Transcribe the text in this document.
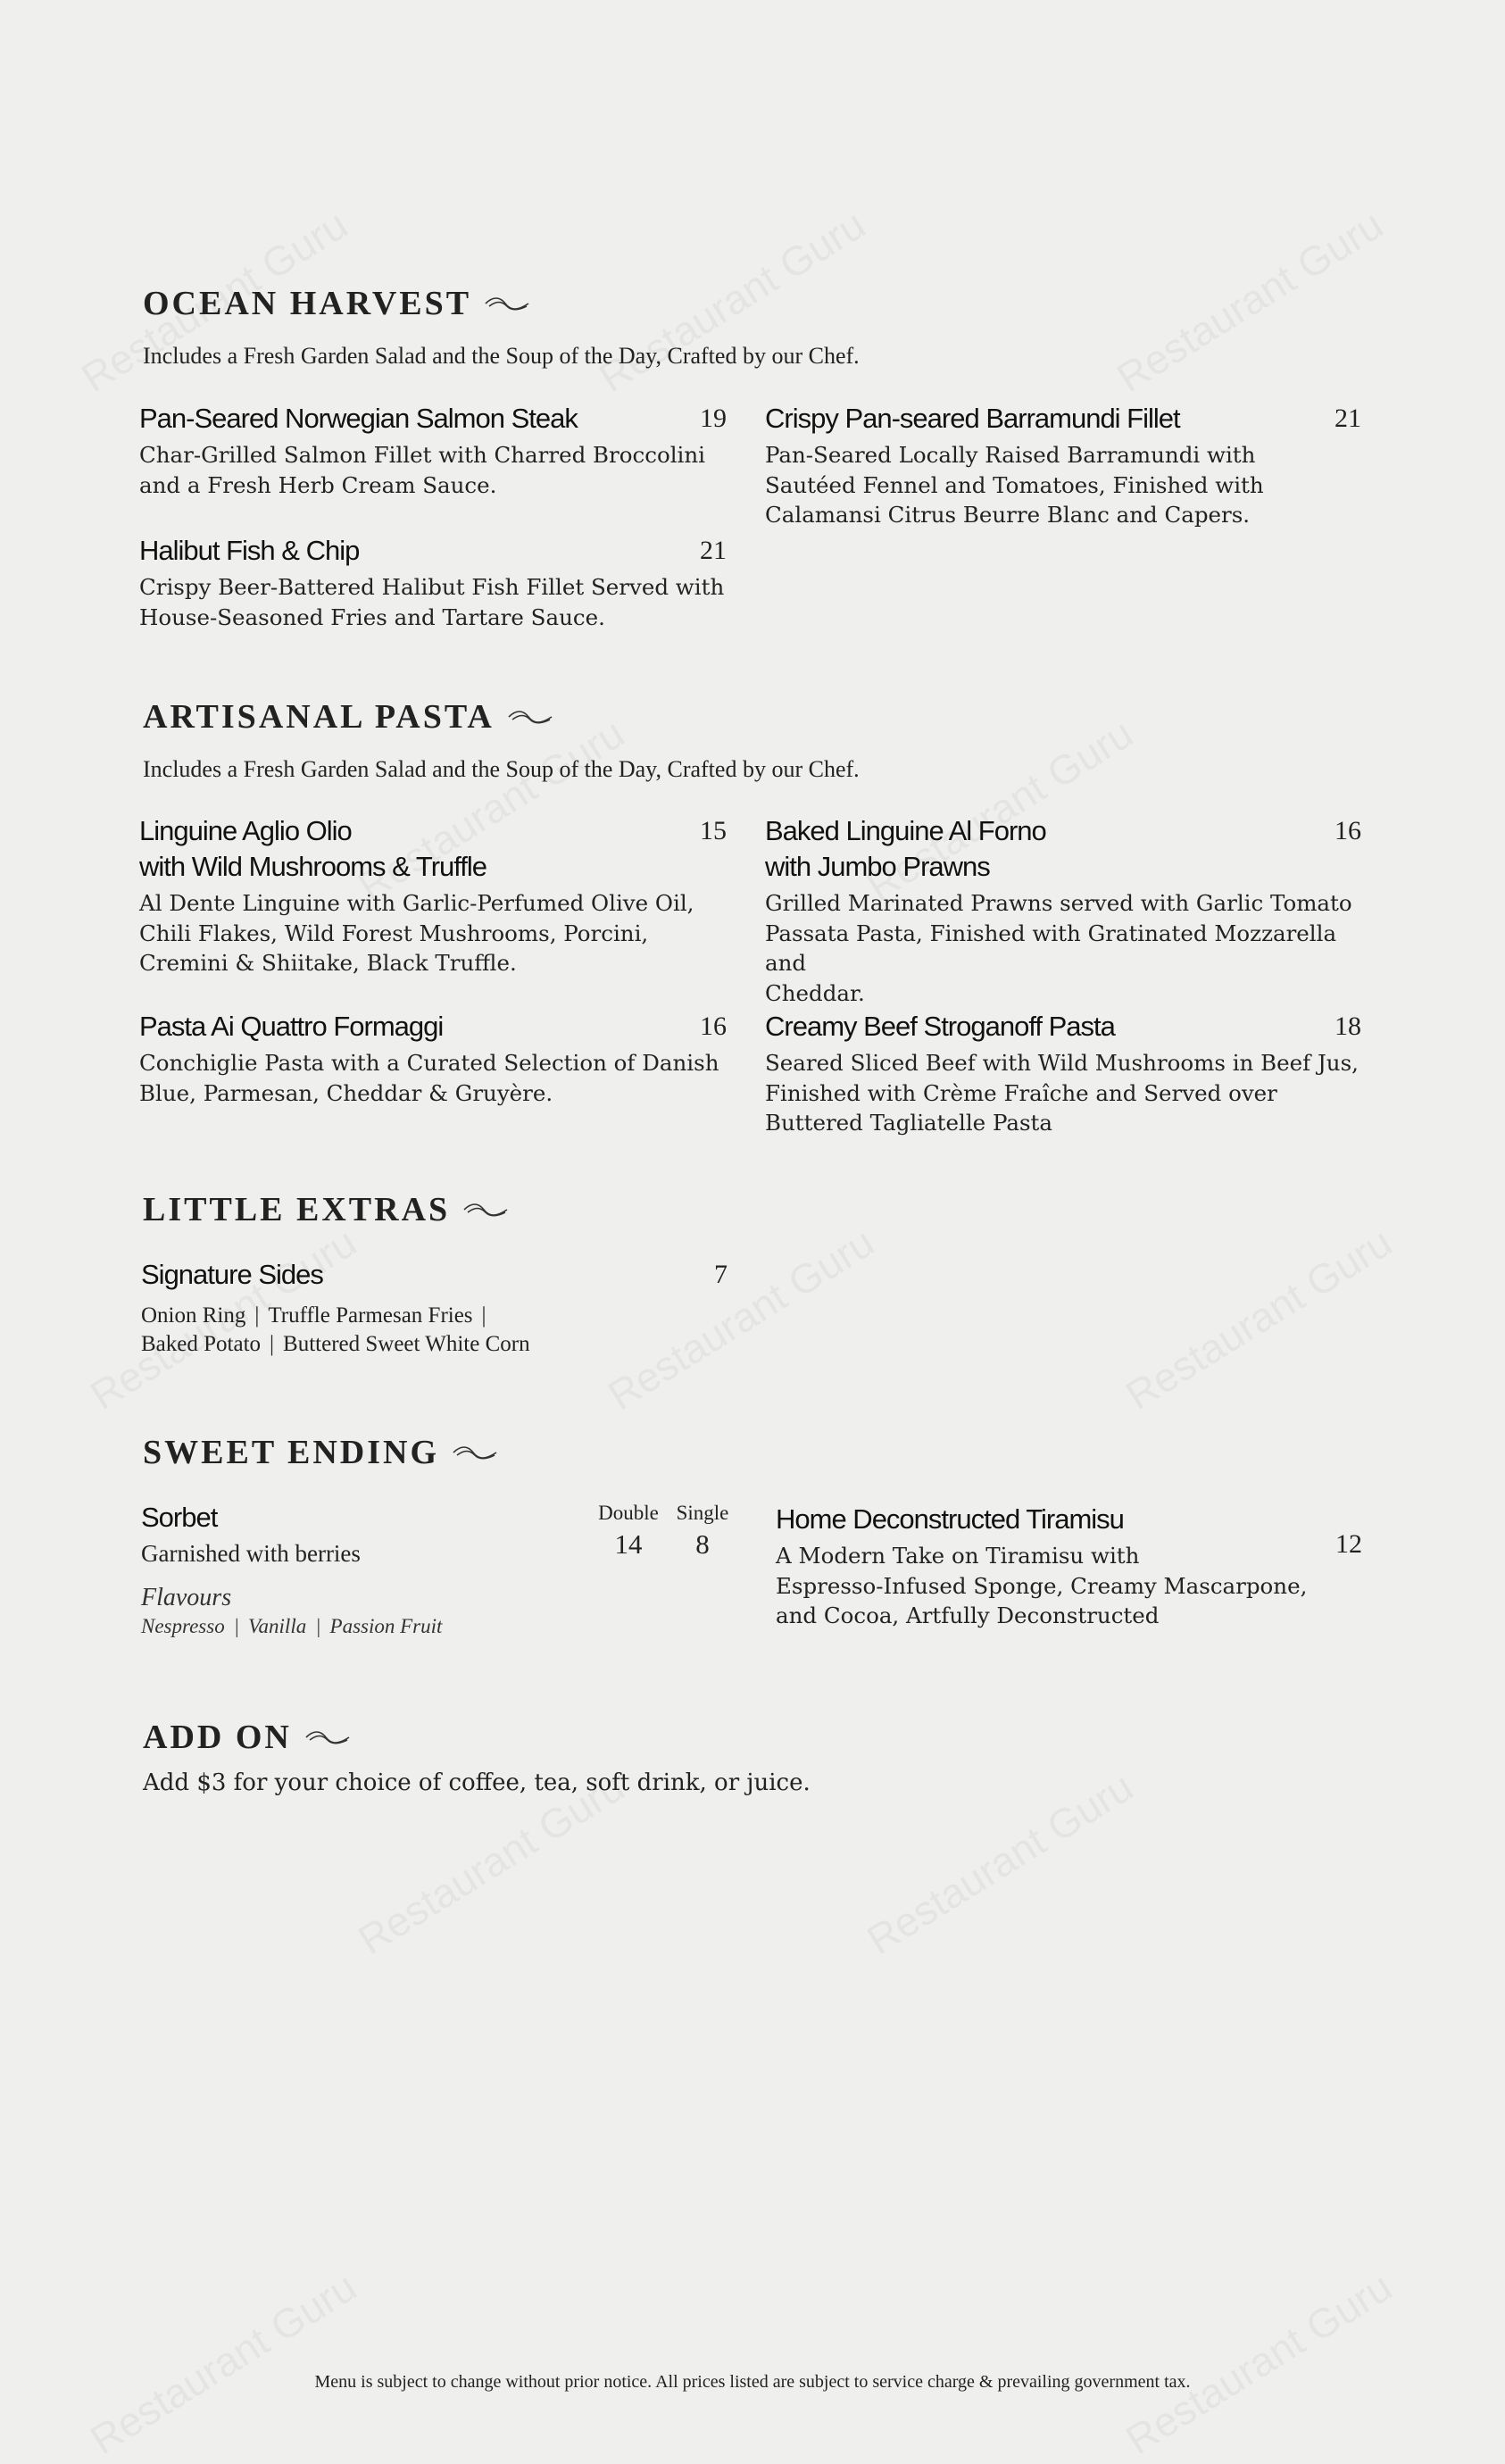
OCEAN HARVEST
Includes a Fresh Garden Salad and the Soup of the Day, Crafted by our Chef.
Pan-Seared Norwegian Salmon Steak	19
Char-Grilled Salmon Fillet with Charred Broccolini
and a Fresh Herb Cream Sauce.
Halibut Fish & Chip	21
Crispy Beer-Battered Halibut Fish Fillet Served with
House-Seasoned Fries and Tartare Sauce.
Crispy Pan-seared Barramundi Fillet	21
Pan-Seared Locally Raised Barramundi with
Sautéed Fennel and Tomatoes, Finished with
Calamansi Citrus Beurre Blanc and Capers.
ARTISANAL PASTA
Includes a Fresh Garden Salad and the Soup of the Day, Crafted by our Chef.
Linguine Aglio Olio
with Wild Mushrooms & Truffle
15
Al Dente Linguine with Garlic-Perfumed Olive Oil,
Chili Flakes, Wild Forest Mushrooms, Porcini,
Cremini & Shiitake, Black Truffle.
Baked Linguine Al Forno
with Jumbo Prawns
16
Grilled Marinated Prawns served with Garlic Tomato
Passata Pasta, Finished with Gratinated Mozzarella and
Cheddar.
Pasta Ai Quattro Formaggi	16
Conchiglie Pasta with a Curated Selection of Danish
Blue, Parmesan, Cheddar & Gruyère.
Creamy Beef Stroganoff Pasta	18
Seared Sliced Beef with Wild Mushrooms in Beef Jus,
Finished with Crème Fraîche and Served over
Buttered Tagliatelle Pasta
LITTLE EXTRAS
Signature Sides	7
Onion Ring | Truffle Parmesan Fries |
Baked Potato | Buttered Sweet White Corn
SWEET ENDING
Sorbet
Garnished with berries
Flavours
Nespresso | Vanilla | Passion Fruit
Double Single
14	8
Home Deconstructed Tiramisu
12
A Modern Take on Tiramisu with
Espresso-Infused Sponge, Creamy Mascarpone,
and Cocoa, Artfully Deconstructed
ADD ON
Add $3 for your choice of coffee, tea, soft drink, or juice.
Menu is subject to change without prior notice. All prices listed are subject to service charge & prevailing government tax.
